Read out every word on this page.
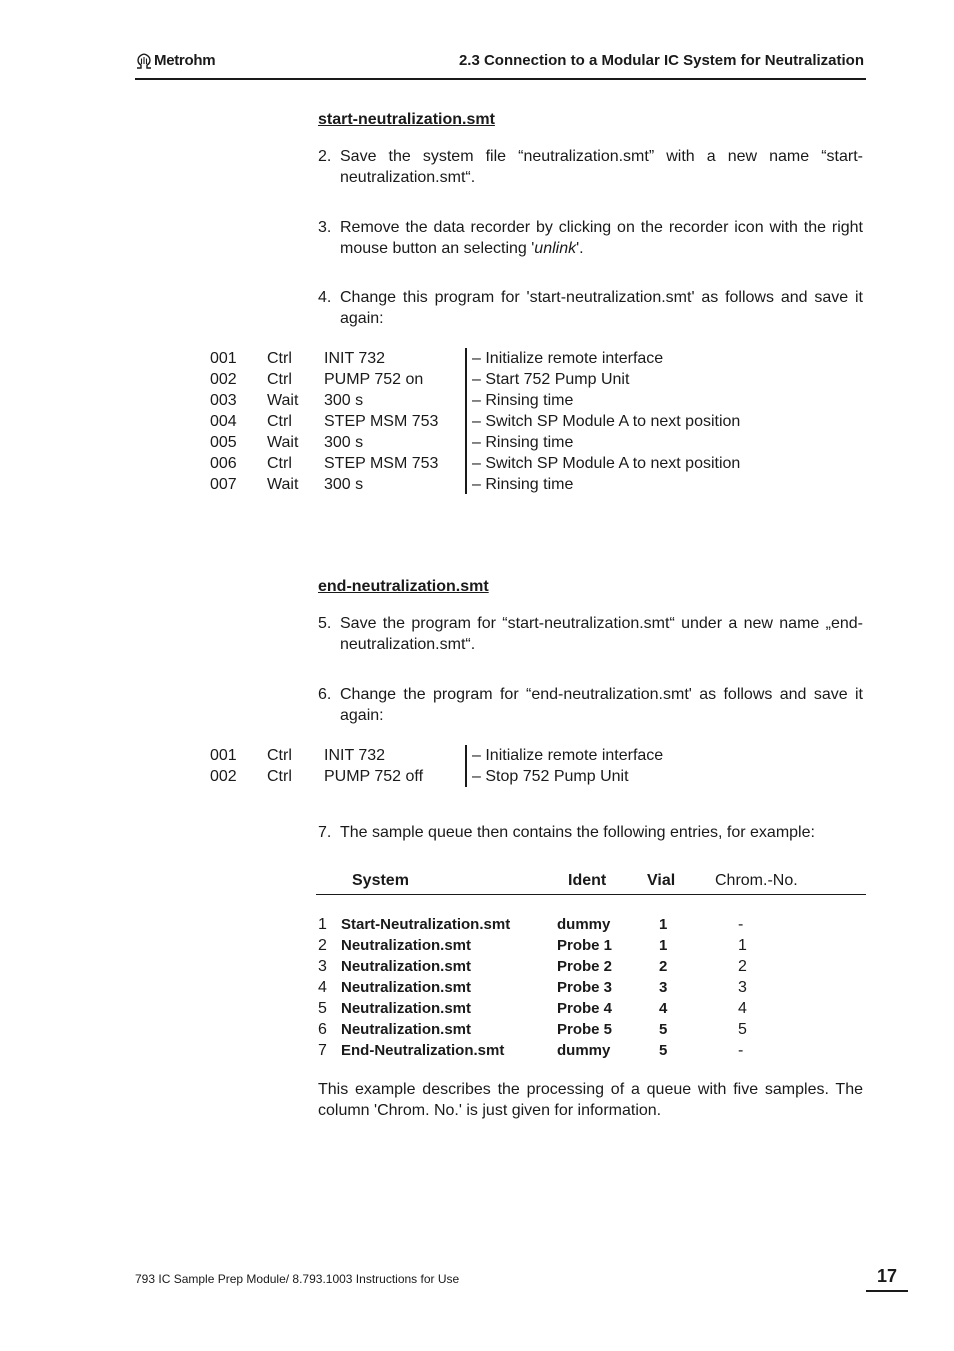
Metrohm	2.3 Connection to a Modular IC System for Neutralization
start-neutralization.smt
2. Save the system file “neutralization.smt” with a new name “start-neutralization.smt“.
3. Remove the data recorder by clicking on the recorder icon with the right mouse button an selecting 'unlink'.
4. Change this program for 'start-neutralization.smt' as follows and save it again:
001 Ctrl INIT 732	– Initialize remote interface
002 Ctrl PUMP 752 on	– Start 752 Pump Unit
003 Wait 300 s	– Rinsing time
004 Ctrl STEP MSM 753 – Switch SP Module A to next position
005 Wait 300 s	– Rinsing time
006 Ctrl STEP MSM 753 – Switch SP Module A to next position
007 Wait 300 s	– Rinsing time
end-neutralization.smt
5. Save the program for “start-neutralization.smt“ under a new name „end-neutralization.smt“.
6. Change the program for “end-neutralization.smt' as follows and save it again:
001 Ctrl INIT 732	– Initialize remote interface
002 Ctrl PUMP 752 off	– Stop 752 Pump Unit
7. The sample queue then contains the following entries, for example:
System	Ident	Vial Chrom.-No.
1 Start-Neutralization.smt	dummy	1	-
2 Neutralization.smt	Probe 1	1	1
3 Neutralization.smt	Probe 2	2	2
4 Neutralization.smt	Probe 3	3	3
5 Neutralization.smt	Probe 4	4	4
6 Neutralization.smt	Probe 5	5	5
7 End-Neutralization.smt	dummy	5	-
This example describes the processing of a queue with five samples. The column 'Chrom. No.' is just given for information.
793 IC Sample Prep Module/ 8.793.1003 Instructions for Use	17
